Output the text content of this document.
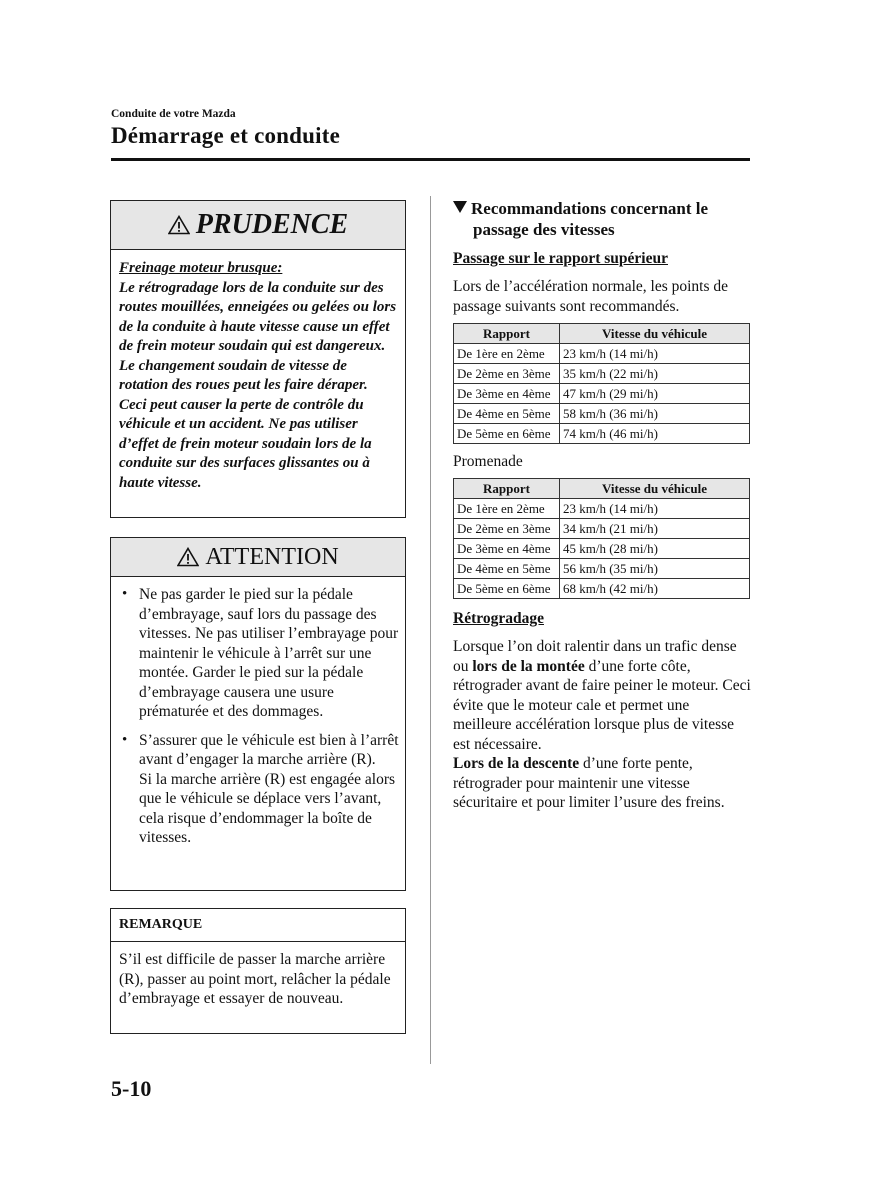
Conduite de votre Mazda
Démarrage et conduite
PRUDENCE
Freinage moteur brusque:
Le rétrogradage lors de la conduite sur des routes mouillées, enneigées ou gelées ou lors de la conduite à haute vitesse cause un effet de frein moteur soudain qui est dangereux. Le changement soudain de vitesse de rotation des roues peut les faire déraper. Ceci peut causer la perte de contrôle du véhicule et un accident. Ne pas utiliser d’effet de frein moteur soudain lors de la conduite sur des surfaces glissantes ou à haute vitesse.
ATTENTION
• Ne pas garder le pied sur la pédale d’embrayage, sauf lors du passage des vitesses. Ne pas utiliser l’embrayage pour maintenir le véhicule à l’arrêt sur une montée. Garder le pied sur la pédale d’embrayage causera une usure prématurée et des dommages.
• S’assurer que le véhicule est bien à l’arrêt avant d’engager la marche arrière (R).
Si la marche arrière (R) est engagée alors que le véhicule se déplace vers l’avant, cela risque d’endommager la boîte de vitesses.
REMARQUE
S’il est difficile de passer la marche arrière (R), passer au point mort, relâcher la pédale d’embrayage et essayer de nouveau.
Recommandations concernant le
passage des vitesses
Passage sur le rapport supérieur
Lors de l’accélération normale, les points de passage suivants sont recommandés.
Rapport	Vitesse du véhicule
De 1ère en 2ème	23 km/h (14 mi/h)
De 2ème en 3ème	35 km/h (22 mi/h)
De 3ème en 4ème	47 km/h (29 mi/h)
De 4ème en 5ème	58 km/h (36 mi/h)
De 5ème en 6ème	74 km/h (46 mi/h)
Promenade
Rapport	Vitesse du véhicule
De 1ère en 2ème	23 km/h (14 mi/h)
De 2ème en 3ème	34 km/h (21 mi/h)
De 3ème en 4ème	45 km/h (28 mi/h)
De 4ème en 5ème	56 km/h (35 mi/h)
De 5ème en 6ème	68 km/h (42 mi/h)
Rétrogradage
Lorsque l’on doit ralentir dans un trafic dense ou lors de la montée d’une forte côte, rétrograder avant de faire peiner le moteur. Ceci évite que le moteur cale et permet une meilleure accélération lorsque plus de vitesse est nécessaire.
Lors de la descente d’une forte pente, rétrograder pour maintenir une vitesse sécuritaire et pour limiter l’usure des freins.
5-10
